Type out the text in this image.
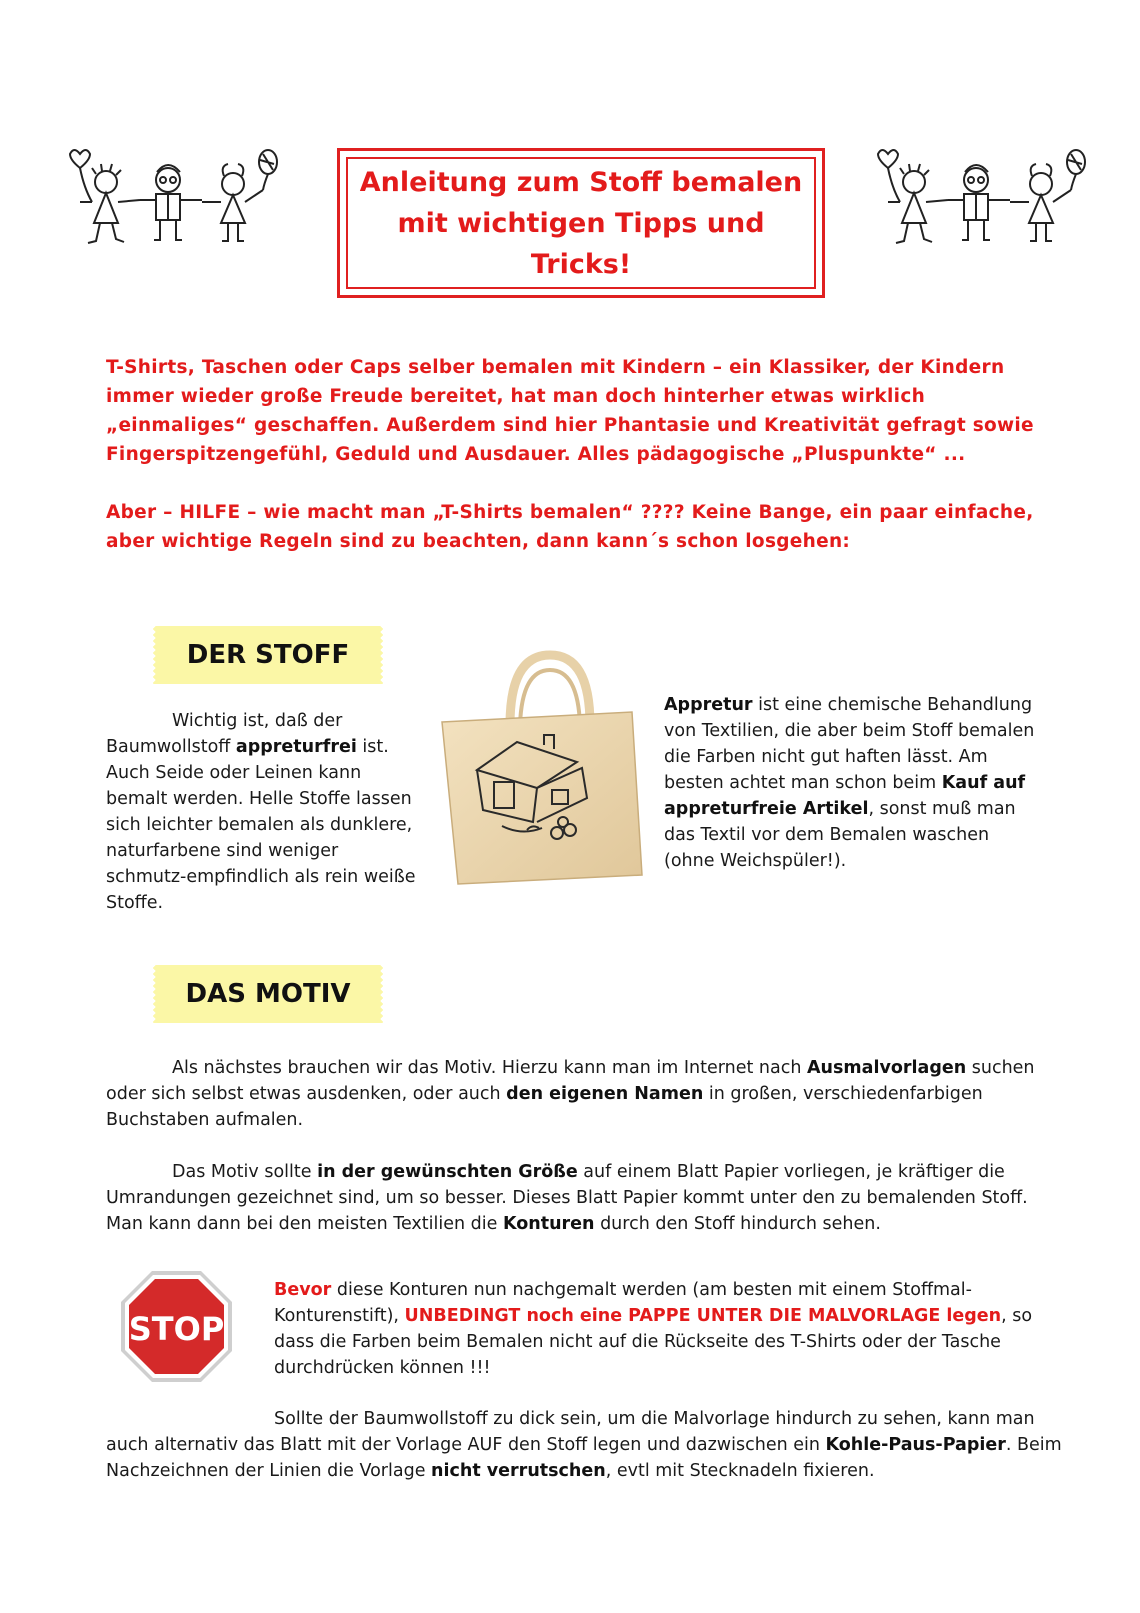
Anleitung zum Stoff bemalen
mit wichtigen Tipps und
Tricks!

T-Shirts, Taschen oder Caps selber bemalen mit Kindern – ein Klassiker, der Kindern immer wieder große Freude bereitet, hat man doch hinterher etwas wirklich „einmaliges“ geschaffen. Außerdem sind hier Phantasie und Kreativität gefragt sowie Fingerspitzengefühl, Geduld und Ausdauer. Alles pädagogische „Pluspunkte“ ...

Aber – HILFE – wie macht man „T-Shirts bemalen“ ???? Keine Bange, ein paar einfache, aber wichtige Regeln sind zu beachten, dann kann´s schon losgehen:

DER STOFF

Wichtig ist, daß der Baumwollstoff appreturfrei ist. Auch Seide oder Leinen kann bemalt werden. Helle Stoffe lassen sich leichter bemalen als dunklere, naturfarbene sind weniger schmutz-empfindlich als rein weiße Stoffe.

Appretur ist eine chemische Behandlung von Textilien, die aber beim Stoff bemalen die Farben nicht gut haften lässt. Am besten achtet man schon beim Kauf auf appreturfreie Artikel, sonst muß man das Textil vor dem Bemalen waschen (ohne Weichspüler!).

DAS MOTIV

Als nächstes brauchen wir das Motiv. Hierzu kann man im Internet nach Ausmalvorlagen suchen oder sich selbst etwas ausdenken, oder auch den eigenen Namen in großen, verschiedenfarbigen Buchstaben aufmalen.

Das Motiv sollte in der gewünschten Größe auf einem Blatt Papier vorliegen, je kräftiger die Umrandungen gezeichnet sind, um so besser. Dieses Blatt Papier kommt unter den zu bemalenden Stoff. Man kann dann bei den meisten Textilien die Konturen durch den Stoff hindurch sehen.

STOP

Bevor diese Konturen nun nachgemalt werden (am besten mit einem Stoffmal-Konturenstift), UNBEDINGT noch eine PAPPE UNTER DIE MALVORLAGE legen, so dass die Farben beim Bemalen nicht auf die Rückseite des T-Shirts oder der Tasche durchdrücken können !!!

Sollte der Baumwollstoff zu dick sein, um die Malvorlage hindurch zu sehen, kann man auch alternativ das Blatt mit der Vorlage AUF den Stoff legen und dazwischen ein Kohle-Paus-Papier. Beim Nachzeichnen der Linien die Vorlage nicht verrutschen, evtl mit Stecknadeln fixieren.
